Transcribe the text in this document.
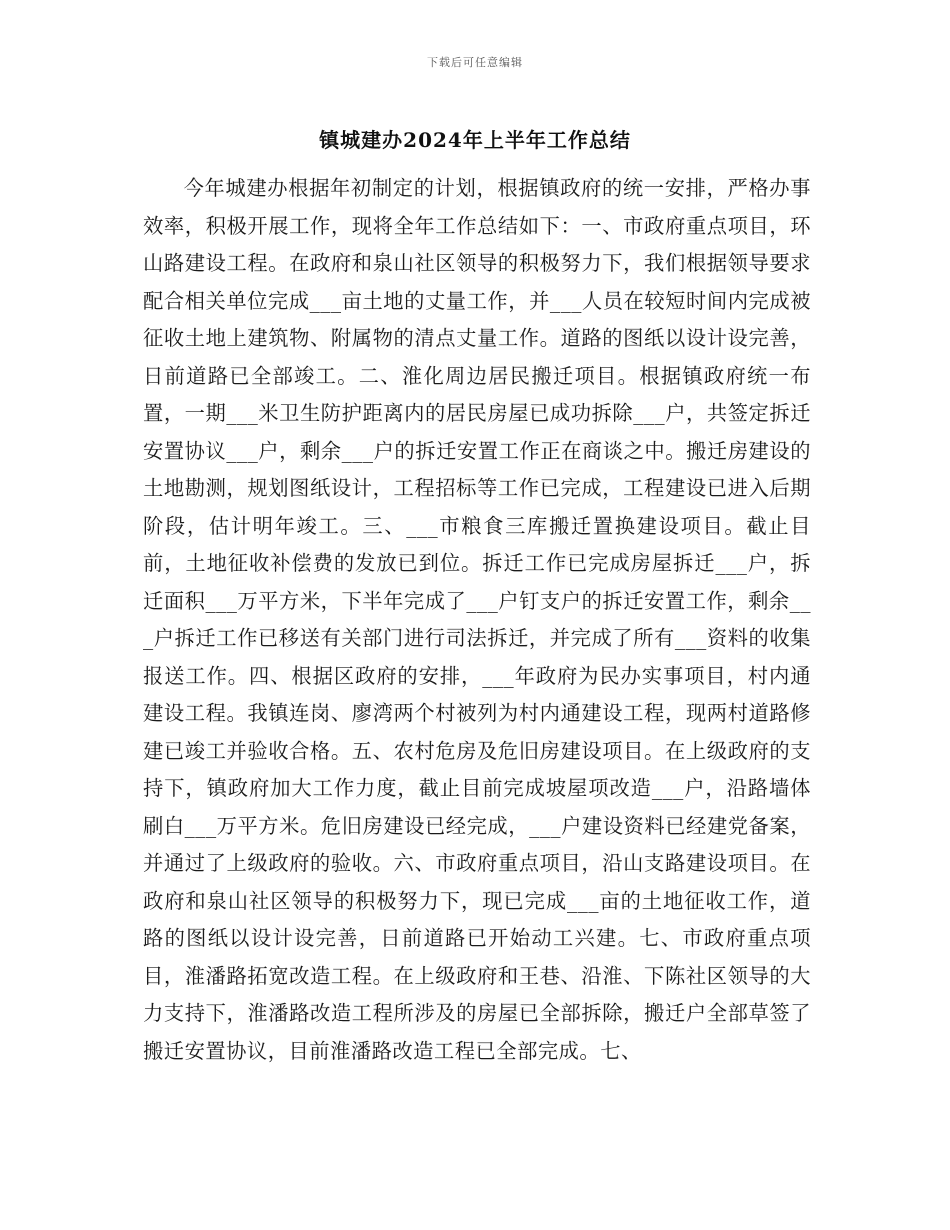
下载后可任意编辑
镇城建办2024年上半年工作总结

今年城建办根据年初制定的计划，根据镇政府的统一安排，严格办事效率，积极开展工作，现将全年工作总结如下：一、市政府重点项目，环山路建设工程。在政府和泉山社区领导的积极努力下，我们根据领导要求配合相关单位完成___亩土地的丈量工作，并___人员在较短时间内完成被征收土地上建筑物、附属物的清点丈量工作。道路的图纸以设计设完善，日前道路已全部竣工。二、淮化周边居民搬迁项目。根据镇政府统一布置，一期___米卫生防护距离内的居民房屋已成功拆除___户，共签定拆迁安置协议___户，剩余___户的拆迁安置工作正在商谈之中。搬迁房建设的土地勘测，规划图纸设计，工程招标等工作已完成，工程建设已进入后期阶段，估计明年竣工。三、___市粮食三库搬迁置换建设项目。截止目前，土地征收补偿费的发放已到位。拆迁工作已完成房屋拆迁___户，拆迁面积___万平方米，下半年完成了___户钉支户的拆迁安置工作，剩余___户拆迁工作已移送有关部门进行司法拆迁，并完成了所有___资料的收集报送工作。四、根据区政府的安排，___年政府为民办实事项目，村内通建设工程。我镇连岗、廖湾两个村被列为村内通建设工程，现两村道路修建已竣工并验收合格。五、农村危房及危旧房建设项目。在上级政府的支持下，镇政府加大工作力度，截止目前完成坡屋项改造___户，沿路墙体刷白___万平方米。危旧房建设已经完成，___户建设资料已经建党备案，并通过了上级政府的验收。六、市政府重点项目，沿山支路建设项目。在政府和泉山社区领导的积极努力下，现已完成___亩的土地征收工作，道路的图纸以设计设完善，日前道路已开始动工兴建。七、市政府重点项目，淮潘路拓宽改造工程。在上级政府和王巷、沿淮、下陈社区领导的大力支持下，淮潘路改造工程所涉及的房屋已全部拆除，搬迁户全部草签了搬迁安置协议，目前淮潘路改造工程已全部完成。七、
